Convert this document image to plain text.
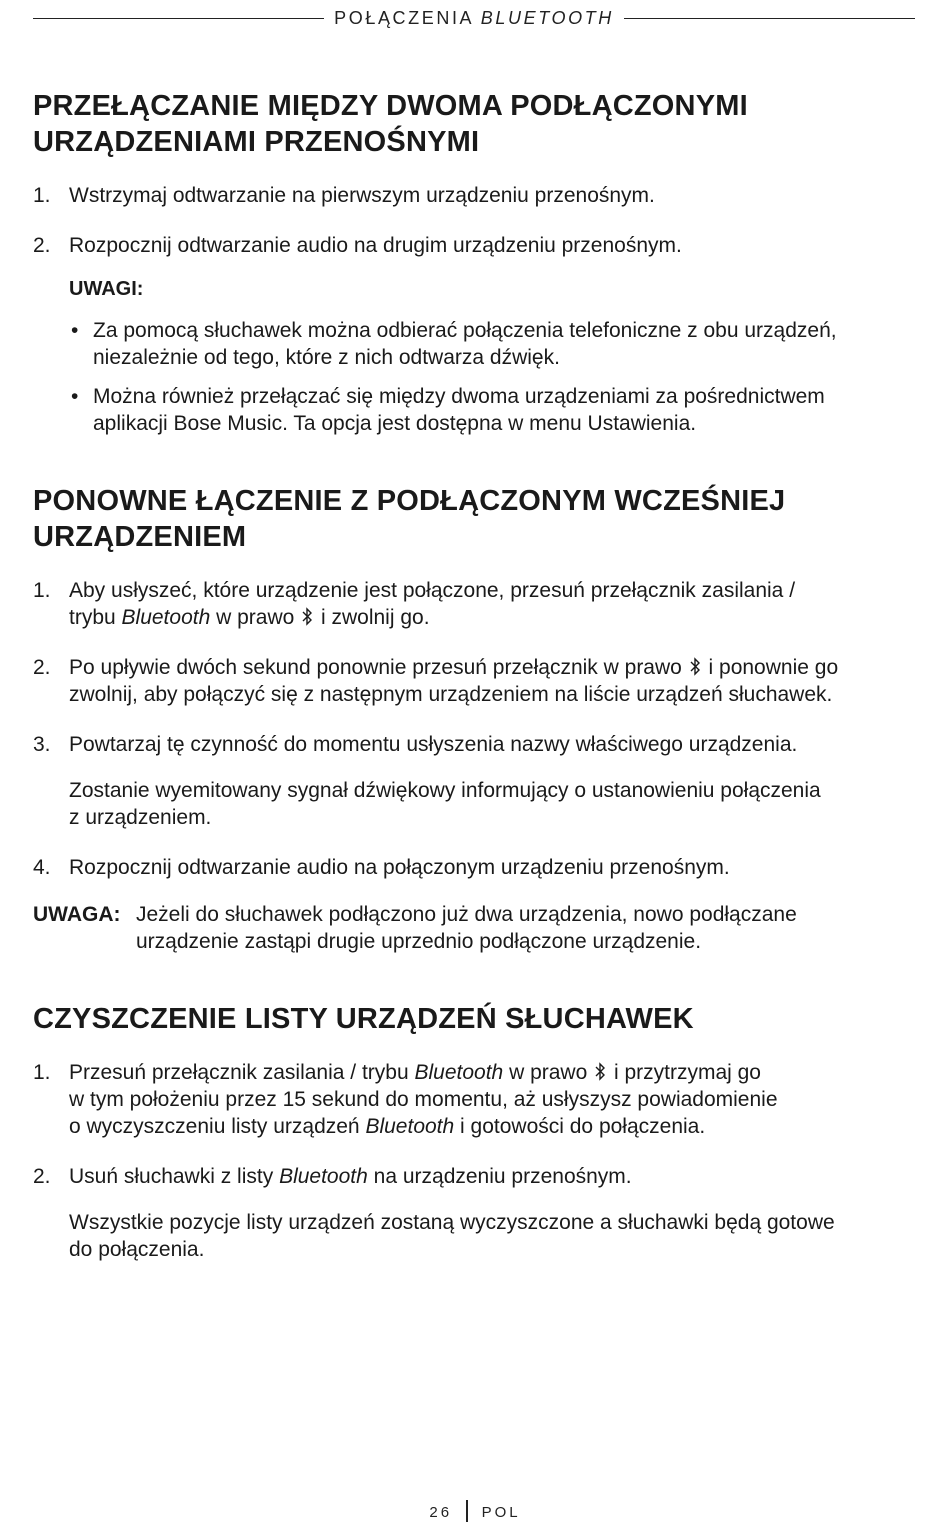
POŁĄCZENIA BLUETOOTH
PRZEŁĄCZANIE MIĘDZY DWOMA PODŁĄCZONYMI
URZĄDZENIAMI PRZENOŚNYMI
1. Wstrzymaj odtwarzanie na pierwszym urządzeniu przenośnym.
2. Rozpocznij odtwarzanie audio na drugim urządzeniu przenośnym.
UWAGI:
• Za pomocą słuchawek można odbierać połączenia telefoniczne z obu urządzeń,
niezależnie od tego, które z nich odtwarza dźwięk.
• Można również przełączać się między dwoma urządzeniami za pośrednictwem
aplikacji Bose Music. Ta opcja jest dostępna w menu Ustawienia.
PONOWNE ŁĄCZENIE Z PODŁĄCZONYM WCZEŚNIEJ
URZĄDZENIEM
1. Aby usłyszeć, które urządzenie jest połączone, przesuń przełącznik zasilania /
trybu Bluetooth w prawo  i zwolnij go.
2. Po upływie dwóch sekund ponownie przesuń przełącznik w prawo  i ponownie go
zwolnij, aby połączyć się z następnym urządzeniem na liście urządzeń słuchawek.
3. Powtarzaj tę czynność do momentu usłyszenia nazwy właściwego urządzenia.
Zostanie wyemitowany sygnał dźwiękowy informujący o ustanowieniu połączenia
z urządzeniem.
4. Rozpocznij odtwarzanie audio na połączonym urządzeniu przenośnym.
UWAGA: Jeżeli do słuchawek podłączono już dwa urządzenia, nowo podłączane
urządzenie zastąpi drugie uprzednio podłączone urządzenie.
CZYSZCZENIE LISTY URZĄDZEŃ SŁUCHAWEK
1. Przesuń przełącznik zasilania / trybu Bluetooth w prawo  i przytrzymaj go
w tym położeniu przez 15 sekund do momentu, aż usłyszysz powiadomienie
o wyczyszczeniu listy urządzeń Bluetooth i gotowości do połączenia.
2. Usuń słuchawki z listy Bluetooth na urządzeniu przenośnym.
Wszystkie pozycje listy urządzeń zostaną wyczyszczone a słuchawki będą gotowe
do połączenia.
26 POL
